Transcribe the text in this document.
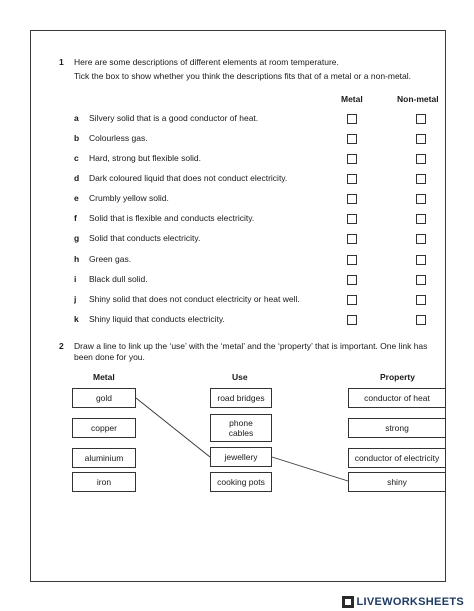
1 Here are some descriptions of different elements at room temperature.
Tick the box to show whether you think the descriptions fits that of a metal or a non-metal.
Metal	Non-metal
a Silvery solid that is a good conductor of heat.
b Colourless gas.
c Hard, strong but flexible solid.
d Dark coloured liquid that does not conduct electricity.
e Crumbly yellow solid.
f Solid that is flexible and conducts electricity.
g Solid that conducts electricity.
h Green gas.
i Black dull solid.
j Shiny solid that does not conduct electricity or heat well.
k Shiny liquid that conducts electricity.
2 Draw a line to link up the ‘use’ with the ‘metal’ and the ‘property’ that is important. One link has
been done for you.
Metal	Use	Property
gold
copper
aluminium
iron
road bridges
phone
cables
jewellery
cooking pots
conductor of heat
strong
conductor of electricity
shiny
LIVEWORKSHEETS
